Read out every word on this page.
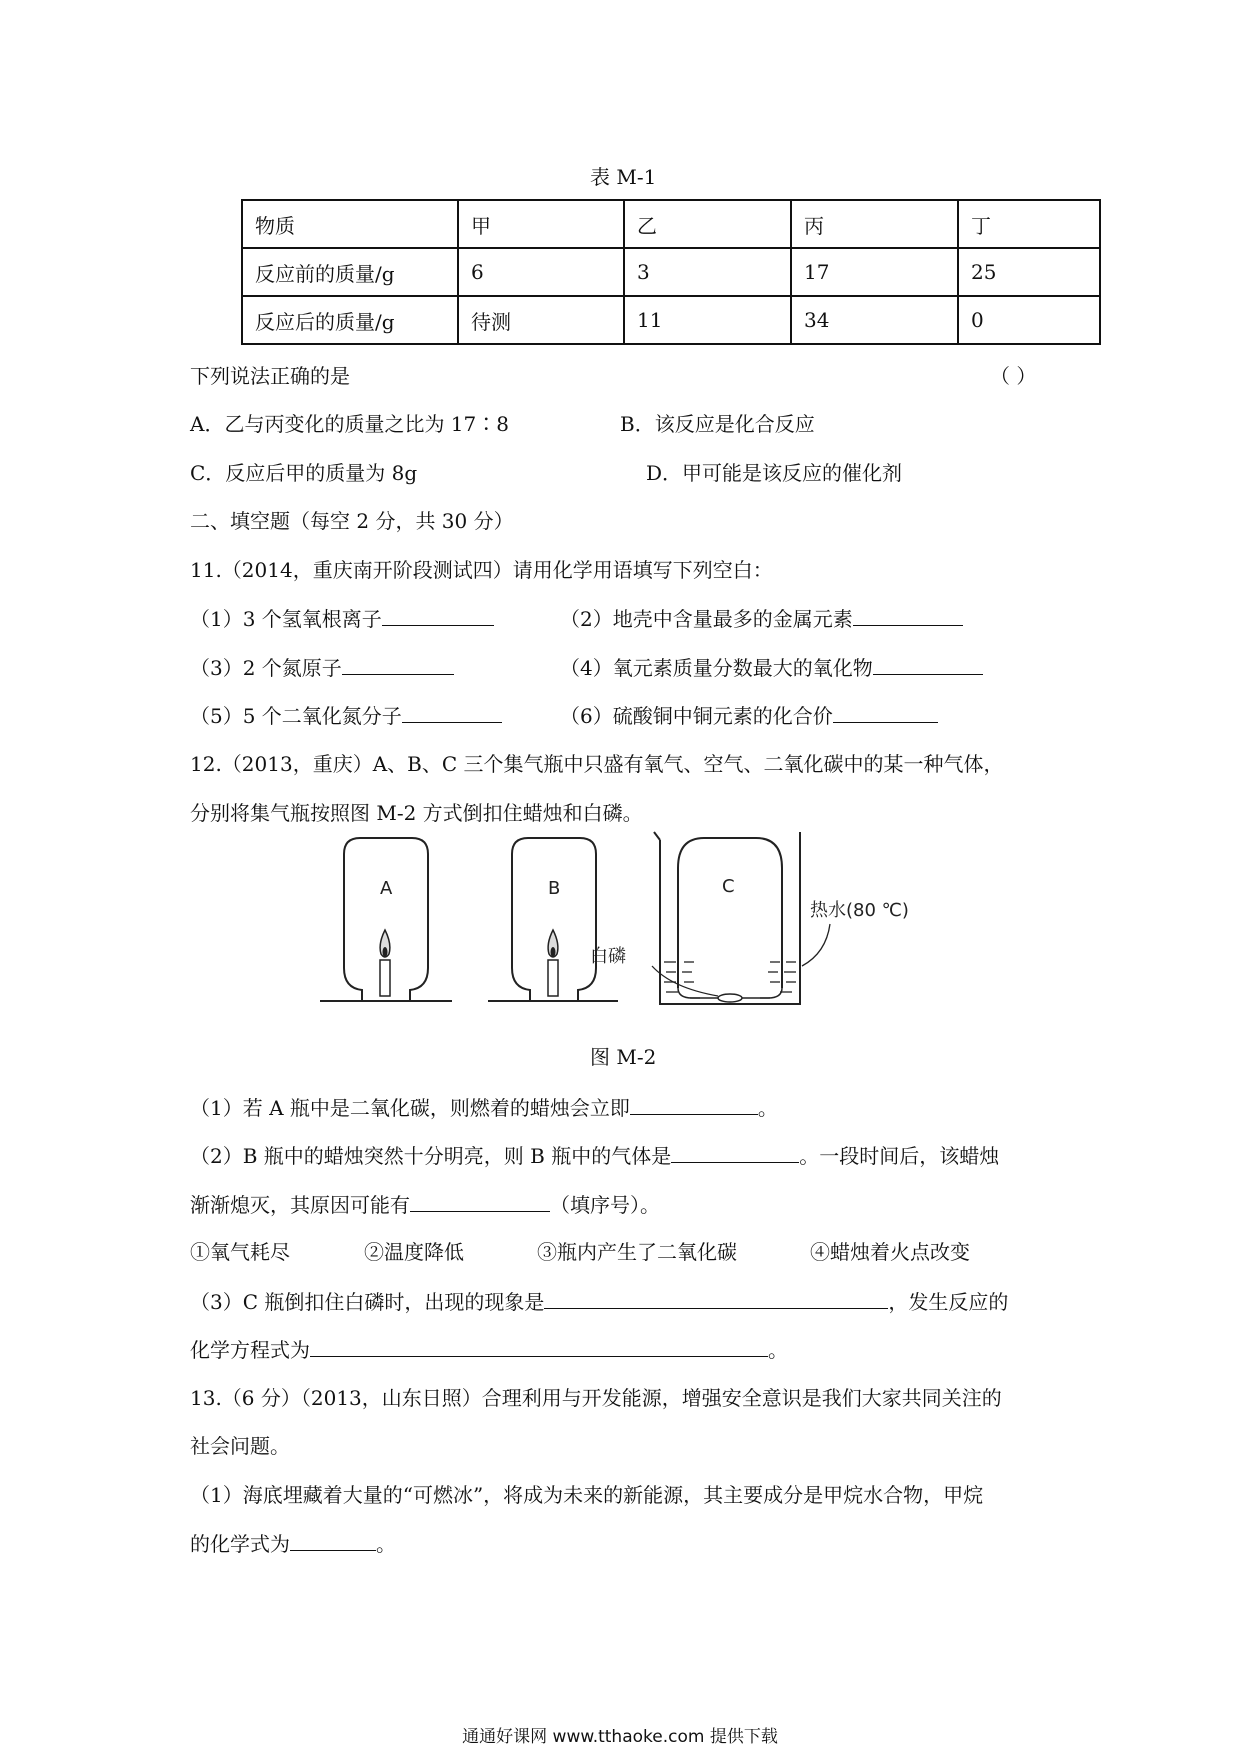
表 M-1
物质	甲	乙	丙	丁
反应前的质量/g	6	3	17	25
反应后的质量/g	待测	11	34	0
下列说法正确的是	（ ）
A．乙与丙变化的质量之比为 17∶8	B．该反应是化合反应
C．反应后甲的质量为 8g	D．甲可能是该反应的催化剂
二、填空题（每空 2 分，共 30 分）
11.（2014，重庆南开阶段测试四）请用化学用语填写下列空白：
（1）3 个氢氧根离子	（2）地壳中含量最多的金属元素
（3）2 个氮原子	（4）氧元素质量分数最大的氧化物
（5）5 个二氧化氮分子	（6）硫酸铜中铜元素的化合价
12.（2013，重庆）A、B、C 三个集气瓶中只盛有氧气、空气、二氧化碳中的某一种气体，
分别将集气瓶按照图 M-2 方式倒扣住蜡烛和白磷。
A	B	C
热水(80 ℃)
白磷
图 M-2
（1）若 A 瓶中是二氧化碳，则燃着的蜡烛会立即	。
（2）B 瓶中的蜡烛突然十分明亮，则 B 瓶中的气体是	。一段时间后，该蜡烛
渐渐熄灭，其原因可能有	（填序号）。
①氧气耗尽	②温度降低	③瓶内产生了二氧化碳	④蜡烛着火点改变
（3）C 瓶倒扣住白磷时，出现的现象是	，发生反应的
化学方程式为	。
13.（6 分）（2013，山东日照）合理利用与开发能源，增强安全意识是我们大家共同关注的
社会问题。
（1）海底埋藏着大量的“可燃冰”，将成为未来的新能源，其主要成分是甲烷水合物，甲烷
的化学式为	。
通通好课网 www.tthaoke.com 提供下载
